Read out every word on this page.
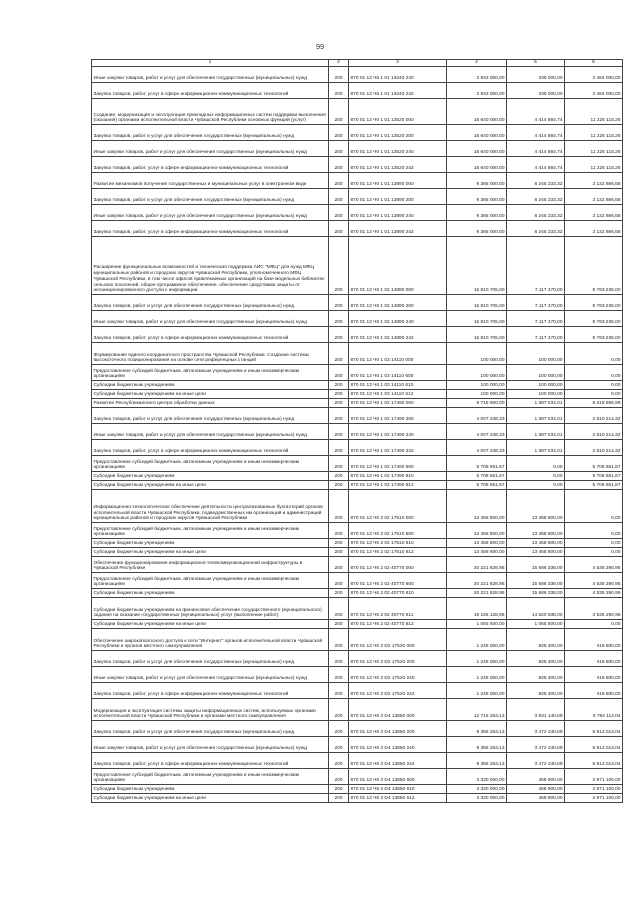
99
1	2	3	4	5	6
Иные закупки товаров, работ и услуг для обеспечения государственных (муниципальных) нужд	200	870 01 13 Ч6 1 01 13240 240	2 833 000,00	339 000,00	2 494 000,00
Закупка товаров, работ, услуг в сфере информационно-коммуникационных технологий	200	870 01 13 Ч6 1 01 13240 242	2 833 000,00	339 000,00	2 494 000,00
Создание, модернизация и эксплуатация прикладных информационных систем поддержки выполнения (оказания) органами исполнительной власти Чувашской Республики основных функций (услуг)	200	870 01 13 Ч6 1 01 13520 000	15 640 000,00	4 414 884,74	11 225 115,26
Закупка товаров, работ и услуг для обеспечения государственных (муниципальных) нужд	200	870 01 13 Ч6 1 01 13520 200	15 640 000,00	4 414 884,74	11 225 115,26
Иные закупки товаров, работ и услуг для обеспечения государственных (муниципальных) нужд	200	870 01 13 Ч6 1 01 13520 240	15 640 000,00	4 414 884,74	11 225 115,26
Закупка товаров, работ, услуг в сфере информационно-коммуникационных технологий	200	870 01 13 Ч6 1 01 13520 242	15 640 000,00	4 414 884,74	11 225 115,26
Развитие механизмов получения государственных и муниципальных услуг в электронном виде	200	870 01 13 Ч6 1 01 13890 000	9 368 000,00	6 245 333,32	3 122 666,68
Закупка товаров, работ и услуг для обеспечения государственных (муниципальных) нужд	200	870 01 13 Ч6 1 01 13890 200	9 368 000,00	6 245 333,32	3 122 666,68
Иные закупки товаров, работ и услуг для обеспечения государственных (муниципальных) нужд	200	870 01 13 Ч6 1 01 13890 240	9 368 000,00	6 245 333,32	3 122 666,68
Закупка товаров, работ, услуг в сфере информационно-коммуникационных технологий	200	870 01 13 Ч6 1 01 13890 242	9 368 000,00	6 245 333,32	3 122 666,68
Расширение функциональных возможностей и техническая поддержка АИС "МФЦ" для нужд МФЦ муниципальных районов и городских округов Чувашской Республики, уполномоченного МФЦ Чувашской Республики, в том числе офисов привлекаемых организаций на базе модельных библиотек сельских поселений, общее программное обеспечение, обеспечение средствами защиты от несанкционированного доступа к информации	200	870 01 13 Ч6 1 02 14890 000	16 910 705,00	7 117 470,00	9 793 235,00
Закупка товаров, работ и услуг для обеспечения государственных (муниципальных) нужд	200	870 01 13 Ч6 1 02 14890 200	16 910 705,00	7 117 470,00	9 793 235,00
Иные закупки товаров, работ и услуг для обеспечения государственных (муниципальных) нужд	200	870 01 13 Ч6 1 02 14890 240	16 910 705,00	7 117 470,00	9 793 235,00
Закупка товаров, работ, услуг в сфере информационно-коммуникационных технологий	200	870 01 13 Ч6 1 02 14890 242	16 910 705,00	7 117 470,00	9 793 235,00
Формирование единого координатного пространства Чувашской Республики. Создание системы высокоточного позиционирования на основе сети референцных станций	200	870 01 13 Ч6 1 03 14110 000	100 000,00	100 000,00	0,00
Предоставление субсидий бюджетным, автономным учреждениям и иным некоммерческим организациям	200	870 01 13 Ч6 1 03 14110 600	100 000,00	100 000,00	0,00
Субсидии бюджетным учреждениям	200	870 01 13 Ч6 1 03 14110 610	100 000,00	100 000,00	0,00
Субсидии бюджетным учреждениям на иные цели	200	870 01 13 Ч6 1 03 14110 612	100 000,00	100 000,00	0,00
Развитие Республиканского центра обработки данных	200	870 01 13 Ч6 1 02 17490 000	9 715 900,00	1 397 034,01	8 318 865,99
Закупка товаров, работ и услуг для обеспечения государственных (муниципальных) нужд	200	870 01 13 Ч6 1 02 17490 200	4 007 248,33	1 397 034,01	2 610 214,32
Иные закупки товаров, работ и услуг для обеспечения государственных (муниципальных) нужд	200	870 01 13 Ч6 1 02 17490 240	4 007 248,33	1 397 034,01	2 610 214,32
Закупка товаров, работ, услуг в сфере информационно-коммуникационных технологий	200	870 01 13 Ч6 1 02 17490 242	4 007 248,33	1 397 034,01	2 610 214,32
Предоставление субсидий бюджетным, автономным учреждениям и иным некоммерческим организациям	200	870 01 13 Ч6 1 02 17490 600	5 708 651,67	0,00	5 708 651,67
Субсидии бюджетным учреждениям	200	870 01 13 Ч6 1 02 17490 610	5 708 651,67	0,00	5 708 651,67
Субсидии бюджетным учреждениям на иные цели	200	870 01 13 Ч6 1 02 17490 612	5 708 651,67	0,00	5 708 651,67
Информационно-технологическое обеспечение деятельности централизованных бухгалтерий органов исполнительной власти Чувашской Республики, подведомственных им организаций и администраций муниципальных районов и городских округов Чувашской Республики	200	870 01 13 Ч6 2 02 17510 000	13 458 800,00	13 458 800,00	0,00
Предоставление субсидий бюджетным, автономным учреждениям и иным некоммерческим организациям	200	870 01 13 Ч6 2 02 17510 600	13 458 800,00	13 458 800,00	0,00
Субсидии бюджетным учреждениям	200	870 01 13 Ч6 2 02 17510 610	13 458 800,00	13 458 800,00	0,00
Субсидии бюджетным учреждениям на иные цели	200	870 01 13 Ч6 2 02 17510 612	13 458 800,00	13 458 800,00	0,00
Обеспечение функционирования информационно-телекоммуникационной инфраструктуры в Чувашской Республике	200	870 01 13 Ч6 2 02 40770 000	20 221 628,95	15 686 338,00	4 535 290,95
Предоставление субсидий бюджетным, автономным учреждениям и иным некоммерческим организациям	200	870 01 13 Ч6 2 02 40770 600	20 221 628,95	15 686 338,00	4 535 290,95
Субсидии бюджетным учреждениям	200	870 01 13 Ч6 2 02 40770 610	20 221 628,95	15 686 338,00	4 535 290,95
Субсидии бюджетным учреждениям на финансовое обеспечение государственного (муниципального) задания на оказание государственных (муниципальных) услуг (выполнение работ)	200	870 01 13 Ч6 2 02 40770 611	19 156 128,95	14 620 838,00	4 535 290,95
Субсидии бюджетным учреждениям на иные цели	200	870 01 13 Ч6 2 02 40770 612	1 065 500,00	1 065 500,00	0,00
Обеспечение широкополосного доступа к сети "Интернет" органов исполнительной власти Чувашской Республики и органов местного самоуправления	200	870 01 13 Ч6 2 D2 17520 000	1 245 000,00	826 400,00	418 600,00
Закупка товаров, работ и услуг для обеспечения государственных (муниципальных) нужд	200	870 01 13 Ч6 2 D2 17520 200	1 245 000,00	826 400,00	418 600,00
Иные закупки товаров, работ и услуг для обеспечения государственных (муниципальных) нужд	200	870 01 13 Ч6 2 D2 17520 240	1 245 000,00	826 400,00	418 600,00
Закупка товаров, работ, услуг в сфере информационно-коммуникационных технологий	200	870 01 13 Ч6 2 D2 17520 242	1 245 000,00	826 400,00	418 600,00
Модернизация и эксплуатация системы защиты информационных систем, используемых органами исполнительной власти Чувашской Республики и органами местного самоуправления	200	870 01 13 Ч6 3 D4 13850 000	12 715 253,13	3 931 140,09	8 784 113,04
Закупка товаров, работ и услуг для обеспечения государственных (муниципальных) нужд	200	870 01 13 Ч6 3 D4 13850 200	9 385 253,13	3 472 240,09	5 913 013,04
Иные закупки товаров, работ и услуг для обеспечения государственных (муниципальных) нужд	200	870 01 13 Ч6 3 D4 13850 240	9 385 253,13	3 472 240,09	5 913 013,04
Закупка товаров, работ, услуг в сфере информационно-коммуникационных технологий	200	870 01 13 Ч6 3 D4 13850 242	9 385 253,13	3 472 240,09	5 913 013,04
Предоставление субсидий бюджетным, автономным учреждениям и иным некоммерческим организациям	200	870 01 13 Ч6 3 D4 13850 600	3 330 000,00	458 900,00	2 871 100,00
Субсидии бюджетным учреждениям	200	870 01 13 Ч6 3 D4 13850 610	3 330 000,00	458 900,00	2 871 100,00
Субсидии бюджетным учреждениям на иные цели	200	870 01 13 Ч6 3 D4 13850 612	3 330 000,00	458 900,00	2 871 100,00
